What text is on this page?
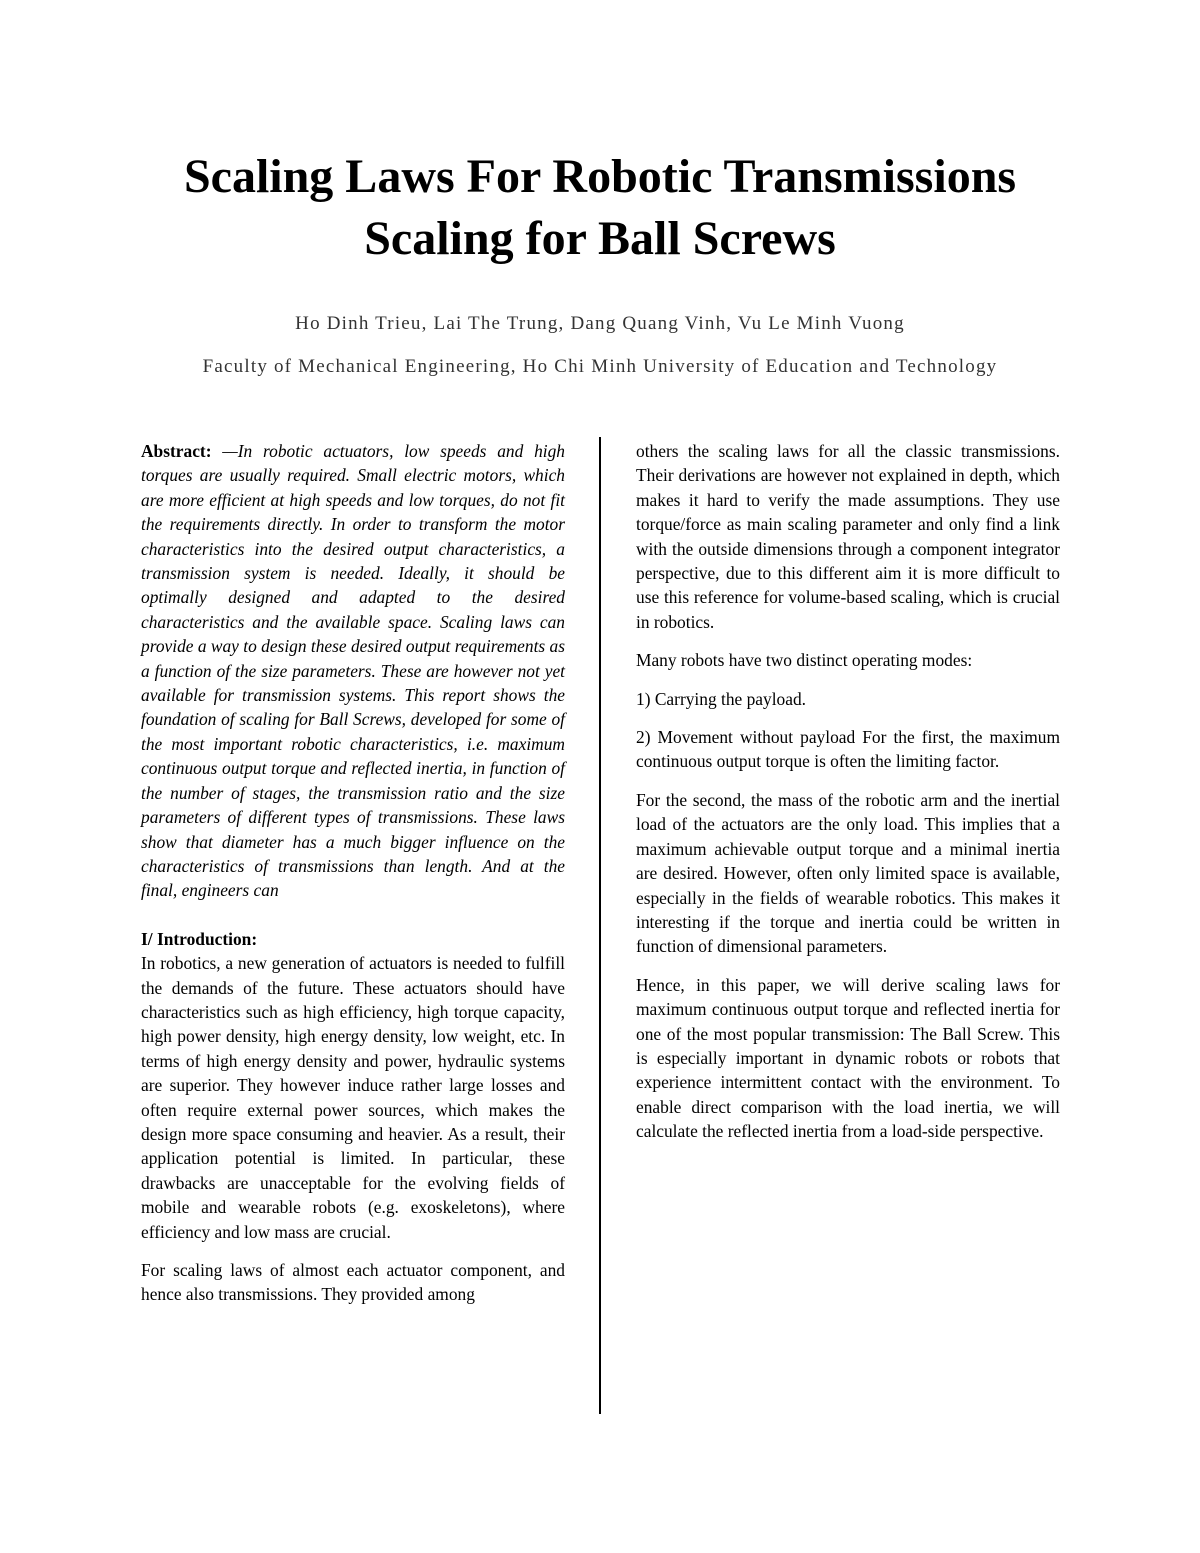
Scaling Laws For Robotic Transmissions

Scaling for Ball Screws

Ho Dinh Trieu, Lai The Trung, Dang Quang Vinh, Vu Le Minh Vuong
Faculty of Mechanical Engineering, Ho Chi Minh University of Education and Technology

Abstract: —In robotic actuators, low speeds and high torques are usually required. Small electric motors, which are more efficient at high speeds and low torques, do not fit the requirements directly. In order to transform the motor characteristics into the desired output characteristics, a transmission system is needed. Ideally, it should be optimally designed and adapted to the desired characteristics and the available space. Scaling laws can provide a way to design these desired output requirements as a function of the size parameters. These are however not yet available for transmission systems. This report shows the foundation of scaling for Ball Screws, developed for some of the most important robotic characteristics, i.e. maximum continuous output torque and reflected inertia, in function of the number of stages, the transmission ratio and the size parameters of different types of transmissions. These laws show that diameter has a much bigger influence on the characteristics of transmissions than length. And at the final, engineers can

I/ Introduction:

In robotics, a new generation of actuators is needed to fulfill the demands of the future. These actuators should have characteristics such as high efficiency, high torque capacity, high power density, high energy density, low weight, etc. In terms of high energy density and power, hydraulic systems are superior. They however induce rather large losses and often require external power sources, which makes the design more space consuming and heavier. As a result, their application potential is limited. In particular, these drawbacks are unacceptable for the evolving fields of mobile and wearable robots (e.g. exoskeletons), where efficiency and low mass are crucial.

For scaling laws of almost each actuator component, and hence also transmissions. They provided among

others the scaling laws for all the classic transmissions. Their derivations are however not explained in depth, which makes it hard to verify the made assumptions. They use torque/force as main scaling parameter and only find a link with the outside dimensions through a component integrator perspective, due to this different aim it is more difficult to use this reference for volume-based scaling, which is crucial in robotics.

Many robots have two distinct operating modes:

1) Carrying the payload.

2) Movement without payload For the first, the maximum continuous output torque is often the limiting factor.

For the second, the mass of the robotic arm and the inertial load of the actuators are the only load. This implies that a maximum achievable output torque and a minimal inertia are desired. However, often only limited space is available, especially in the fields of wearable robotics. This makes it interesting if the torque and inertia could be written in function of dimensional parameters.

Hence, in this paper, we will derive scaling laws for maximum continuous output torque and reflected inertia for one of the most popular transmission: The Ball Screw. This is especially important in dynamic robots or robots that experience intermittent contact with the environment. To enable direct comparison with the load inertia, we will calculate the reflected inertia from a load-side perspective.
